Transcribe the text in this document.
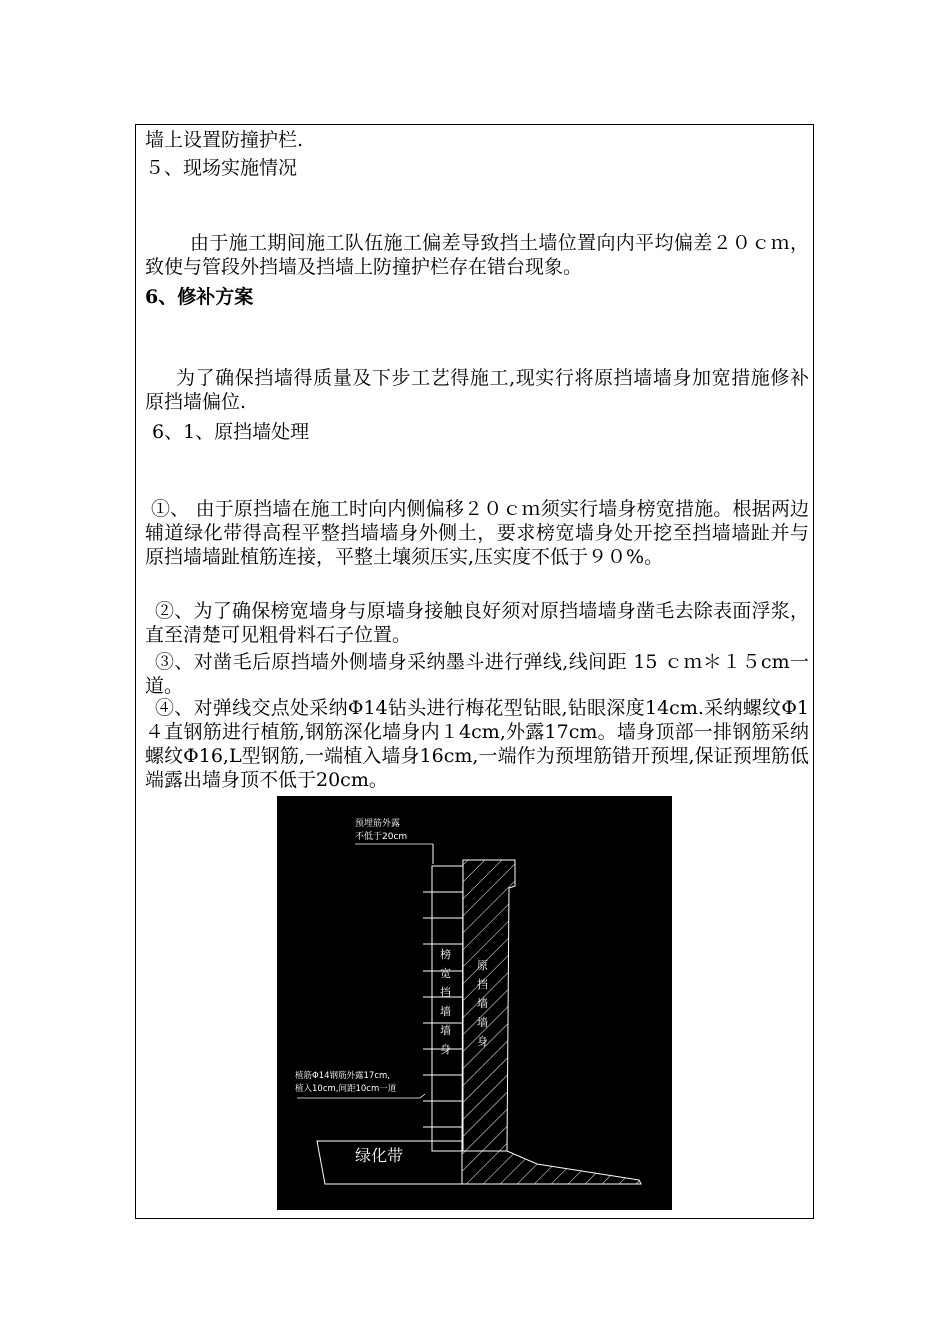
墙上设置防撞护栏.
５、现场实施情况
由于施工期间施工队伍施工偏差导致挡土墙位置向内平均偏差２０ｃｍ，致使与管段外挡墙及挡墙上防撞护栏存在错台现象。
6、修补方案
为了确保挡墙得质量及下步工艺得施工,现实行将原挡墙墙身加宽措施修补原挡墙偏位.
6、1、原挡墙处理
①、 由于原挡墙在施工时向内侧偏移２０ｃｍ须实行墙身榜宽措施。根据两边辅道绿化带得高程平整挡墙墙身外侧土，要求榜宽墙身处开挖至挡墙墙趾并与原挡墙墙趾植筋连接，平整土壤须压实,压实度不低于９０%。
②、为了确保榜宽墙身与原墙身接触良好须对原挡墙墙身凿毛去除表面浮浆，直至清楚可见粗骨料石子位置。
③、对凿毛后原挡墙外侧墙身采纳墨斗进行弹线,线间距 15 ｃｍ＊１５cm一道。
④、对弹线交点处采纳Φ14钻头进行梅花型钻眼,钻眼深度14cm.采纳螺纹Φ1４直钢筋进行植筋,钢筋深化墙身内１4cm,外露17cm。墙身顶部一排钢筋采纳螺纹Φ16,L型钢筋,一端植入墙身16cm,一端作为预埋筋错开预埋,保证预埋筋低端露出墙身顶不低于20cm。
预埋筋外露
不低于20cm
榜
宽
挡
墙
墙
身
原
挡
墙
墙
身
植筋Φ14钢筋外露17cm,
植入10cm,间距10cm一道
绿化带
